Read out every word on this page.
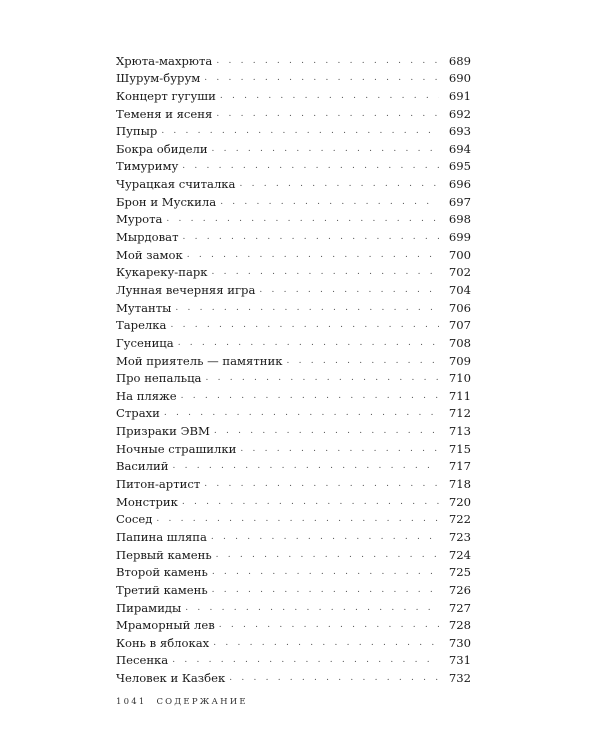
Хрюта-махрюта . . .	689
Шурум-бурум . . .	690
Концерт гугуши . . .	691
Теменя и ясеня . . .	692
Пупыр . . .	693
Бокра обидели . . .	694
Тимуриму . . .	695
Чурацкая считалка . . .	696
Брон и Мускила . . .	697
Мурота . . .	698
Мырдоват . . .	699
Мой замок . . .	700
Кукареку-парк . . .	702
Лунная вечерняя игра . . .	704
Мутанты . . .	706
Тарелка . . .	707
Гусеница . . .	708
Мой приятель — памятник . . .	709
Про непальца . . .	710
На пляже . . .	711
Страхи . . .	712
Призраки ЭВМ . . .	713
Ночные страшилки . . .	715
Василий . . .	717
Питон-артист . . .	718
Монстрик . . .	720
Сосед . . .	722
Папина шляпа . . .	723
Первый камень . . .	724
Второй камень . . .	725
Третий камень . . .	726
Пирамиды . . .	727
Мраморный лев . . .	728
Конь в яблоках . . .	730
Песенка . . .	731
Человек и Казбек . . .	732
1041 СОДЕРЖАНИЕ
